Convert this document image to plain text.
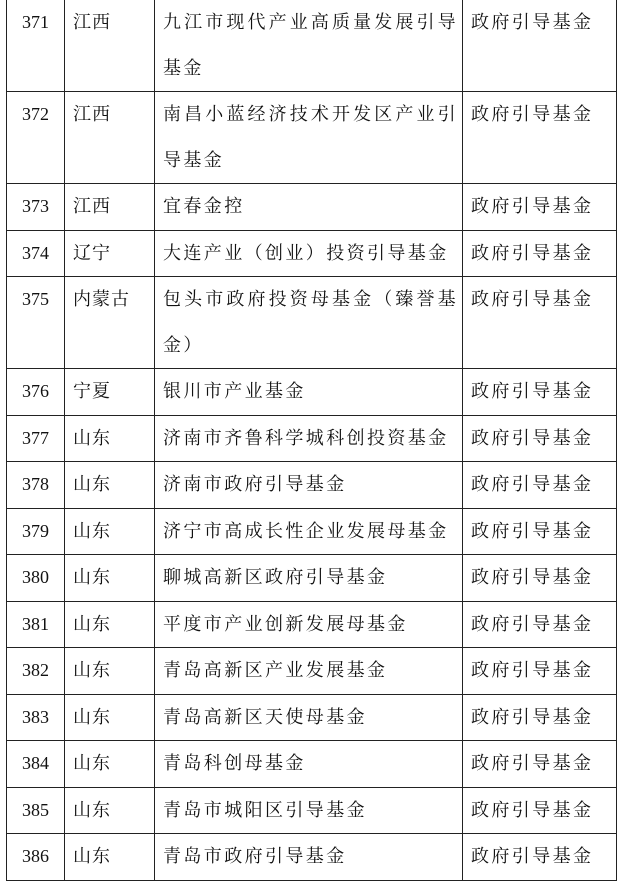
371	江西	九江市现代产业高质量发展引导基金	政府引导基金
372	江西	南昌小蓝经济技术开发区产业引导基金	政府引导基金
373	江西	宜春金控	政府引导基金
374	辽宁	大连产业（创业）投资引导基金	政府引导基金
375	内蒙古	包头市政府投资母基金（臻誉基金）	政府引导基金
376	宁夏	银川市产业基金	政府引导基金
377	山东	济南市齐鲁科学城科创投资基金	政府引导基金
378	山东	济南市政府引导基金	政府引导基金
379	山东	济宁市高成长性企业发展母基金	政府引导基金
380	山东	聊城高新区政府引导基金	政府引导基金
381	山东	平度市产业创新发展母基金	政府引导基金
382	山东	青岛高新区产业发展基金	政府引导基金
383	山东	青岛高新区天使母基金	政府引导基金
384	山东	青岛科创母基金	政府引导基金
385	山东	青岛市城阳区引导基金	政府引导基金
386	山东	青岛市政府引导基金	政府引导基金
